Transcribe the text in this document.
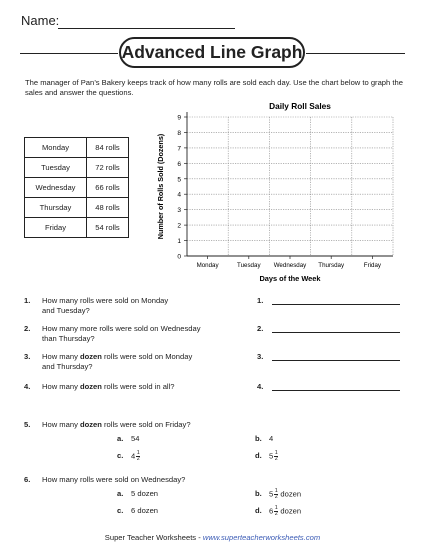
Name:
Advanced Line Graph
The manager of Pan’s Bakery keeps track of how many rolls are sold each day. Use the chart below to graph the sales and answer the questions.
Monday	84 rolls
Tuesday	72 rolls
Wednesday	66 rolls
Thursday	48 rolls
Friday	54 rolls
Daily Roll Sales
0
1
2
3
4
5
6
7
8
9
Monday	Tuesday Wednesday Thursday	Friday
Days of the Week
Number of Rolls Sold (Dozens)
1. How many rolls were sold on Monday
and Tuesday?
1.
2. How many more rolls were sold on Wednesday
than Thursday?
2.
3. How many dozen rolls were sold on Monday
and Thursday?
3.
4. How many dozen rolls were sold in all?	4.
5. How many dozen rolls were sold on Friday?
a. 54	b. 4
c. $4 \frac{1}{2}$	d. $5 \frac{1}{2}$
6. How many rolls were sold on Wednesday?
a. 5 dozen	b. $5 \frac{1}{2}$ dozen
c. 6 dozen	d. $6 \frac{1}{2}$ dozen
Super Teacher Worksheets - www.superteacherworksheets.com
